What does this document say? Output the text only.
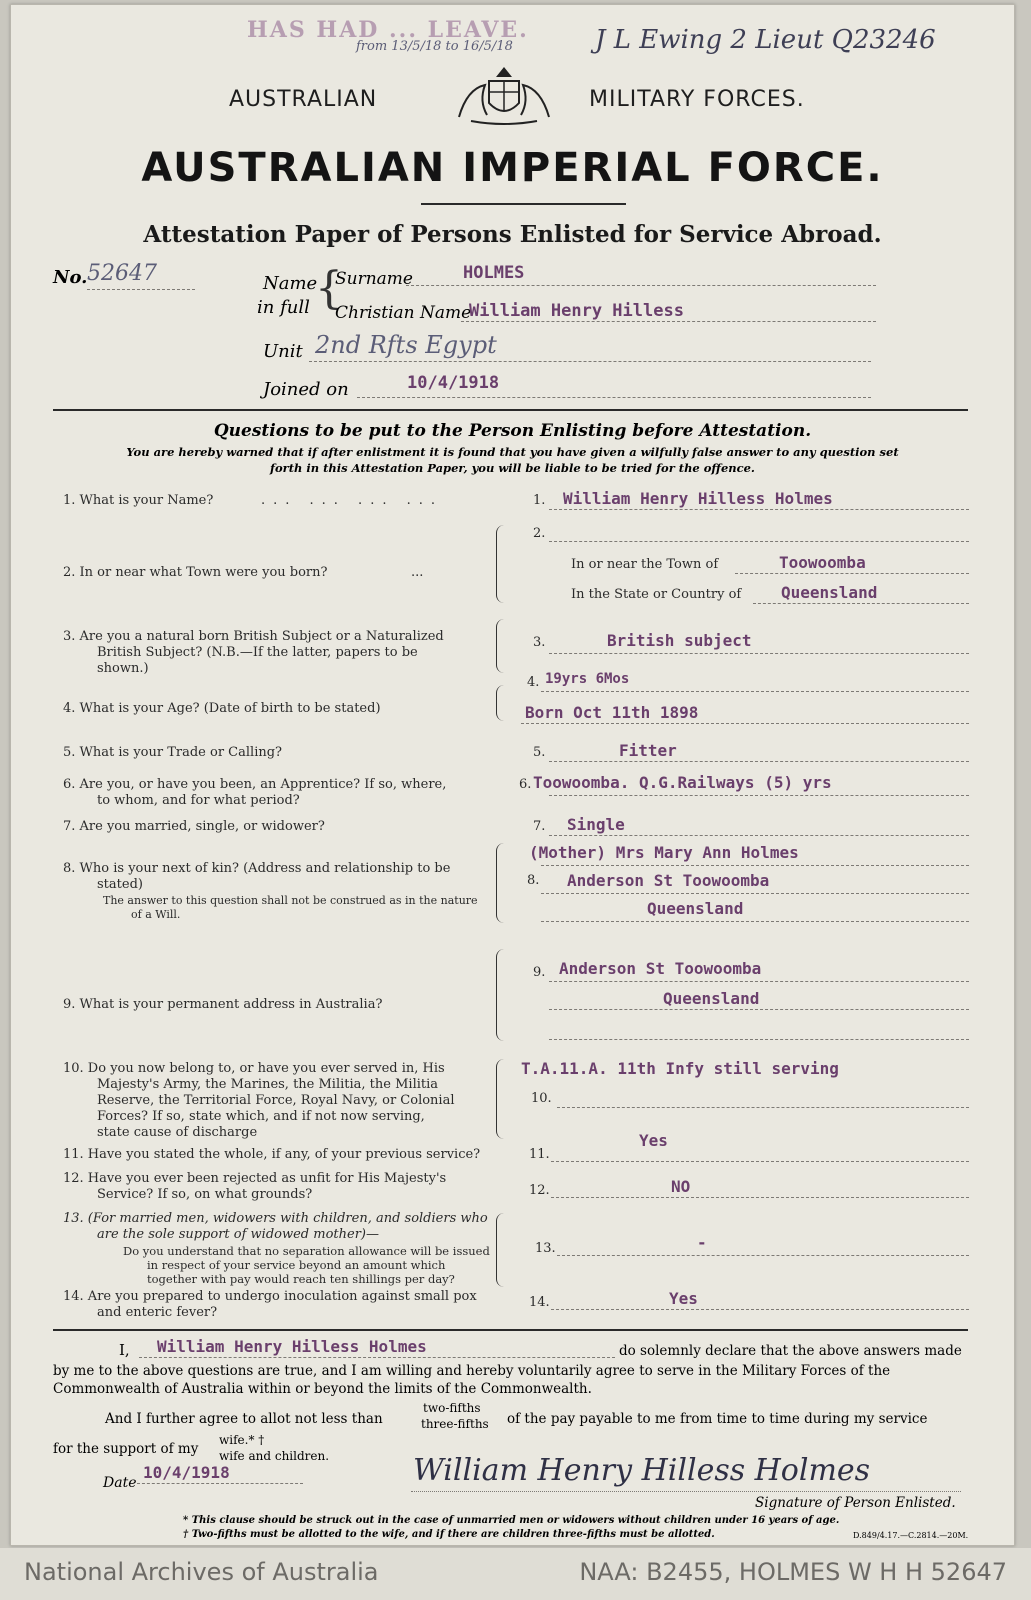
HAS HAD ... LEAVE.
from 13/5/18 to 16/5/18	J L Ewing 2 Lieut Q23246
AUSTRALIAN	MILITARY FORCES.
AUSTRALIAN IMPERIAL FORCE.
Attestation Paper of Persons Enlisted for Service Abroad.
No. 52647	Name
in full {
Surname	HOLMES
Christian Name
William Henry Hilless
Unit 2nd Rfts Egypt
Joined on	10/4/1918
Questions to be put to the Person Enlisting before Attestation.
You are hereby warned that if after enlistment it is found that you have given a wilfully false answer to any question set
forth in this Attestation Paper, you will be liable to be tried for the offence.
1. What is your Name?	... ... ... ...	1. William Henry Hilless Holmes
2. In or near what Town were you born?	...
2.
In or near the Town of	Toowoomba
In the State or Country of Queensland
3. Are you a natural born British Subject or a Naturalized
British Subject? (N.B.—If the latter, papers to be
shown.)
3.	British subject
4. What is your Age? (Date of birth to be stated)
4. 19yrs 6Mos
Born Oct 11th 1898
5. What is your Trade or Calling?	5.	Fitter
6. Are you, or have you been, an Apprentice? If so, where,
to whom, and for what period?
6. Toowoomba. Q.G.Railways (5) yrs
7. Are you married, single, or widower?	7. Single
8. Who is your next of kin? (Address and relationship to be
stated)
The answer to this question shall not be construed as in the nature
of a Will.
(Mother) Mrs Mary Ann Holmes
8. Anderson St Toowoomba
Queensland
9. What is your permanent address in Australia?
9. Anderson St Toowoomba
Queensland
10. Do you now belong to, or have you ever served in, His
Majesty's Army, the Marines, the Militia, the Militia
Reserve, the Territorial Force, Royal Navy, or Colonial
Forces? If so, state which, and if not now serving,
state cause of discharge
T.A.11.A. 11th Infy still serving
10.
11. Have you stated the whole, if any, of your previous service?
Yes
11.
12. Have you ever been rejected as unfit for His Majesty's
Service? If so, on what grounds?	12.	NO
13. (For married men, widowers with children, and soldiers who
are the sole support of widowed mother)—
Do you understand that no separation allowance will be issued
in respect of your service beyond an amount which
together with pay would reach ten shillings per day?
13.	-
14. Are you prepared to undergo inoculation against small pox
and enteric fever?
14.	Yes
I, William Henry Hilless Holmes	do solemnly declare that the above answers made
by me to the above questions are true, and I am willing and hereby voluntarily agree to serve in the Military Forces of the
Commonwealth of Australia within or beyond the limits of the Commonwealth.
And I further agree to allot not less than
two-fifths
three-fifths of the pay payable to me from time to time during my service
for the support of my
wife.* †
wife and children.
Date
10/4/1918	William Henry Hilless Holmes
Signature of Person Enlisted.
* This clause should be struck out in the case of unmarried men or widowers without children under 16 years of age.
† Two-fifths must be allotted to the wife, and if there are children three-fifths must be allotted.	D.849/4.17.—C.2814.—20M.
National Archives of Australia	NAA: B2455, HOLMES W H H 52647
